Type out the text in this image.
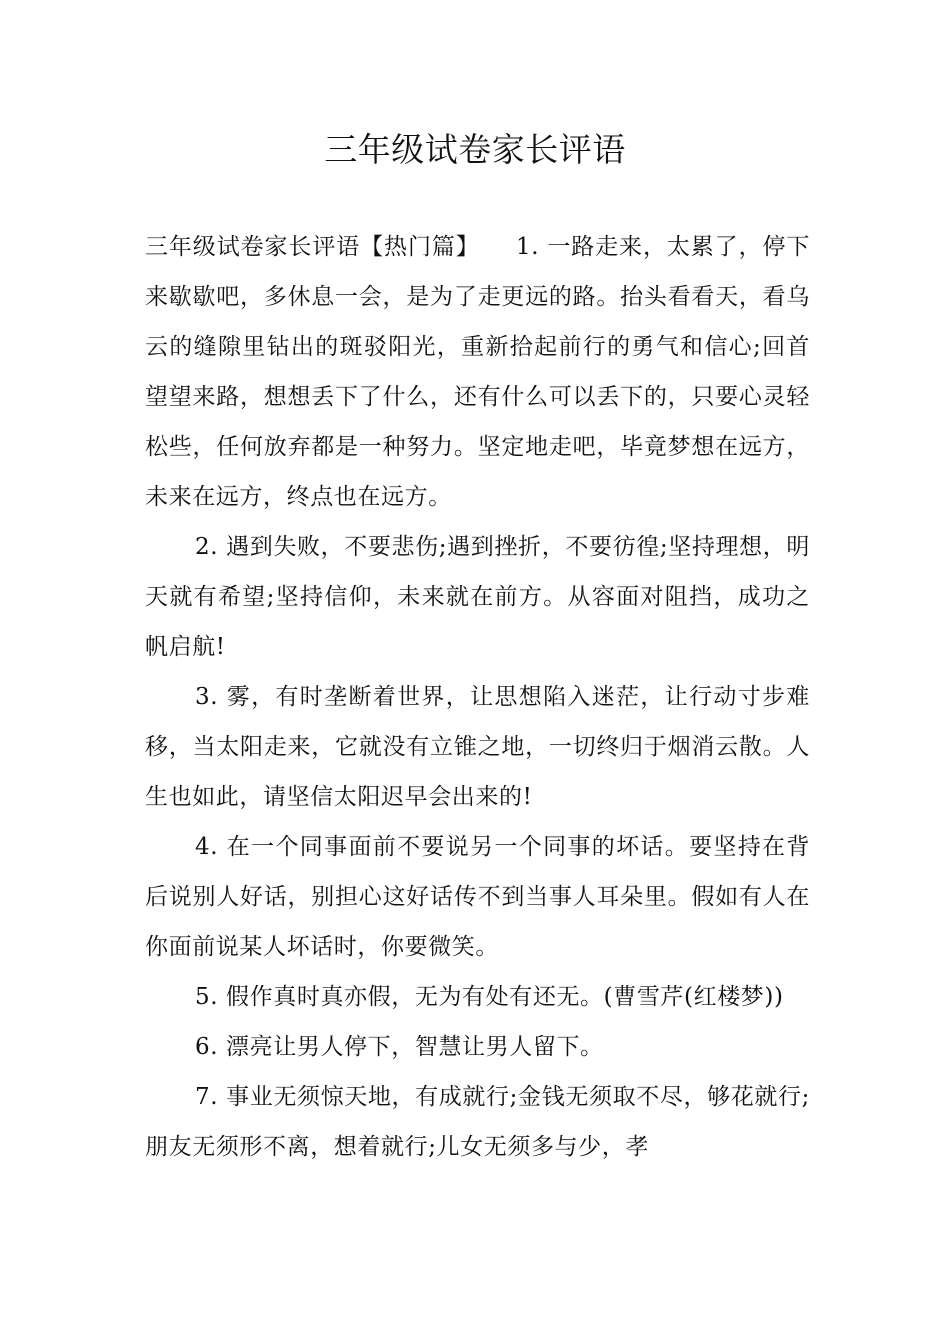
三年级试卷家长评语

三年级试卷家长评语【热门篇】　　1. 一路走来，太累了，停下来歇歇吧，多休息一会，是为了走更远的路。抬头看看天，看乌云的缝隙里钻出的斑驳阳光，重新拾起前行的勇气和信心;回首望望来路，想想丢下了什么，还有什么可以丢下的，只要心灵轻松些，任何放弃都是一种努力。坚定地走吧，毕竟梦想在远方，未来在远方，终点也在远方。

2. 遇到失败，不要悲伤;遇到挫折，不要彷徨;坚持理想，明天就有希望;坚持信仰，未来就在前方。从容面对阻挡，成功之帆启航!

3. 雾，有时垄断着世界，让思想陷入迷茫，让行动寸步难移，当太阳走来，它就没有立锥之地，一切终归于烟消云散。人生也如此，请坚信太阳迟早会出来的!

4. 在一个同事面前不要说另一个同事的坏话。要坚持在背后说别人好话，别担心这好话传不到当事人耳朵里。假如有人在你面前说某人坏话时，你要微笑。

5. 假作真时真亦假，无为有处有还无。(曹雪芹(红楼梦))

6. 漂亮让男人停下，智慧让男人留下。

7. 事业无须惊天地，有成就行;金钱无须取不尽，够花就行;朋友无须形不离，想着就行;儿女无须多与少，孝
